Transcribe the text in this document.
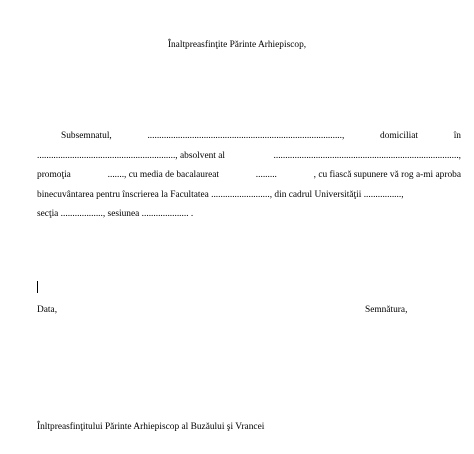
Înaltpreasfinţite Părinte Arhiepiscop,
Subsemnatul,	...................................................................................,	domiciliat	în
..........................................................., absolvent al	...............................................................................,
promoţia	......., cu media de bacalaureat	.........	, cu fiască supunere vă rog a-mi aproba
binecuvântarea pentru înscrierea la Facultatea ........................., din cadrul Universităţii ................,
secţia .................., sesiunea .................... .
Data,	Semnătura,
Înltpreasfinţitului Părinte Arhiepiscop al Buzăului şi Vrancei
